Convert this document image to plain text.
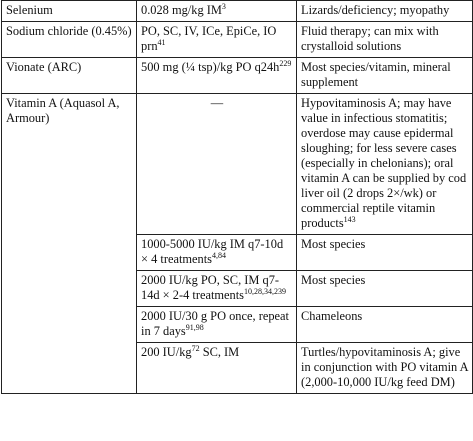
Selenium	0.028 mg/kg $IM^3$	Lizards/deficiency; myopathy
Sodium chloride (0.45%)	PO, SC, IV, ICe, EpiCe, IO prn$^{41}$	Fluid therapy; can mix with crystalloid solutions
Vionate (ARC)	500 mg (¼ tsp)/kg PO $q24h^{229}$	Most species/vitamin, mineral supplement
Vitamin A (Aquasol A, Armour)	—	Hypovitaminosis A; may have value in infectious stomatitis; overdose may cause epidermal sloughing; for less severe cases (especially in chelonians); oral vitamin A can be supplied by cod liver oil (2 drops 2×/wk) or commercial reptile vitamin products$^{143}$
	1000-5000 IU/kg IM q7-10d × 4 treatments$^{4,84}$	Most species
	2000 IU/kg PO, SC, IM q7-14d × 2-4 treatments$^{10,28,34,239}$	Most species
	2000 IU/30 g PO once, repeat in 7 days$^{91,98}$	Chameleons
	200 $IU/kg^{72}$ SC, IM	Turtles/hypovitaminosis A; give in conjunction with PO vitamin A (2,000-10,000 IU/kg feed DM)
